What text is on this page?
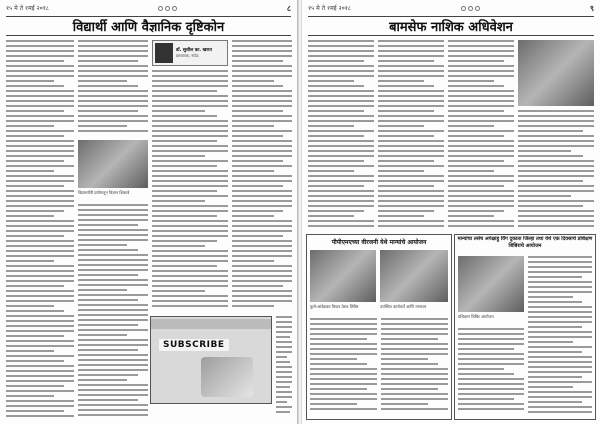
१५ मे ते १मई २०१८	८
विद्यार्थी आणि वैज्ञानिक दृष्टिकोन
विद्यार्थ्यांनी प्रयोगातून विज्ञान शिकावे
डॉ. सुशील का. खरात
प्राध्यापक, नांदेड
SUBSCRIBE
१५ मे ते १मई २०१८	९
बामसेफ नाशिक अधिवेशन
पीपीएमएच्या वीरजनी येथे मान्यांचे आयोजन
फुले-आंबेडकर विचार प्रेरक शिबिर	उपस्थित कार्यकर्ते आणि मान्यवर
मान्यांचा तसेच अपेक्षाहू विंग दुकाता जिल्हा तथा येथे एक दिवसाचे प्रशिक्षण शिबिराचे आयोजन
प्रशिक्षण शिबिर आयोजन
